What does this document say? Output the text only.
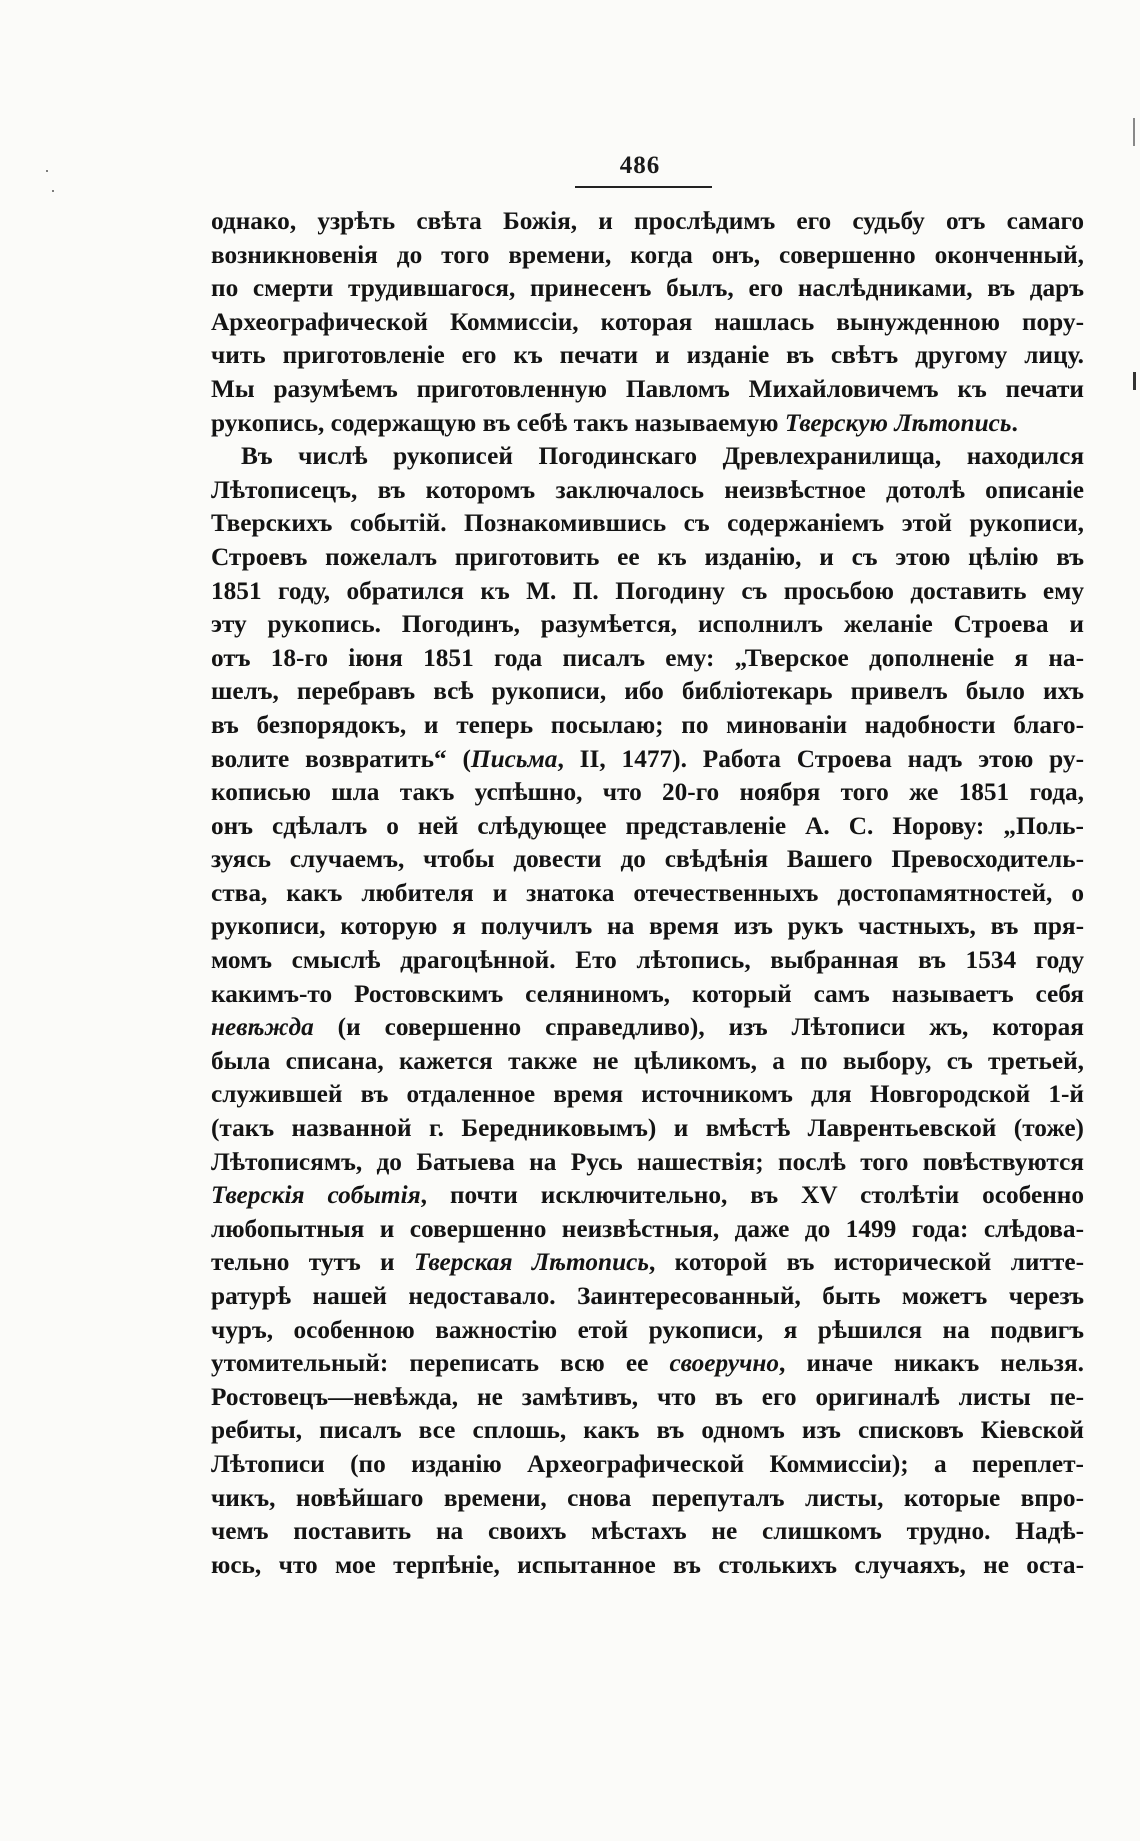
486
однако, узрѣть свѣта Божія, и прослѣдимъ его судьбу отъ самаго
возникновенія до того времени, когда онъ, совершенно оконченный,
по смерти трудившагося, принесенъ былъ, его наслѣдниками, въ даръ
Археографической Коммиссіи, которая нашлась вынужденною пору-
чить приготовленіе его къ печати и изданіе въ свѣтъ другому лицу.
Мы разумѣемъ приготовленную Павломъ Михайловичемъ къ печати
рукопись, содержащую въ себѣ такъ называемую Тверскую Лѣтопись.
Въ числѣ рукописей Погодинскаго Древлехранилища, находился
Лѣтописецъ, въ которомъ заключалось неизвѣстное дотолѣ описаніе
Тверскихъ событій. Познакомившись съ содержаніемъ этой рукописи,
Строевъ пожелалъ приготовить ее къ изданію, и съ этою цѣлію въ
1851 году, обратился къ М. П. Погодину съ просьбою доставить ему
эту рукопись. Погодинъ, разумѣется, исполнилъ желаніе Строева и
отъ 18-го іюня 1851 года писалъ ему: „Тверское дополненіе я на-
шелъ, перебравъ всѣ рукописи, ибо библіотекарь привелъ было ихъ
въ безпорядокъ, и теперь посылаю; по минованіи надобности благо-
волите возвратить“ (Письма, II, 1477). Работа Строева надъ этою ру-
кописью шла такъ успѣшно, что 20-го ноября того же 1851 года,
онъ сдѣлалъ о ней слѣдующее представленіе А. С. Норову: „Поль-
зуясь случаемъ, чтобы довести до свѣдѣнія Вашего Превосходитель-
ства, какъ любителя и знатока отечественныхъ достопамятностей, о
рукописи, которую я получилъ на время изъ рукъ частныхъ, въ пря-
момъ смыслѣ драгоцѣнной. Ето лѣтопись, выбранная въ 1534 году
какимъ-то Ростовскимъ селяниномъ, который самъ называетъ себя
невѣжда (и совершенно справедливо), изъ Лѣтописи жъ, которая
была списана, кажется также не цѣликомъ, а по выбору, съ третьей,
служившей въ отдаленное время источникомъ для Новгородской 1-й
(такъ названной г. Бередниковымъ) и вмѣстѣ Лаврентьевской (тоже)
Лѣтописямъ, до Батыева на Русь нашествія; послѣ того повѣствуются
Тверскія событія, почти исключительно, въ XV столѣтіи особенно
любопытныя и совершенно неизвѣстныя, даже до 1499 года: слѣдова-
тельно тутъ и Тверская Лѣтопись, которой въ исторической литте-
ратурѣ нашей недоставало. Заинтересованный, быть можетъ черезъ
чуръ, особенною важностію етой рукописи, я рѣшился на подвигъ
утомительный: переписать всю ее своеручно, иначе никакъ нельзя.
Ростовецъ—невѣжда, не замѣтивъ, что въ его оригиналѣ листы пе-
ребиты, писалъ все сплошь, какъ въ одномъ изъ списковъ Кіевской
Лѣтописи (по изданію Археографической Коммиссіи); а переплет-
чикъ, новѣйшаго времени, снова перепуталъ листы, которые впро-
чемъ поставить на своихъ мѣстахъ не слишкомъ трудно. Надѣ-
юсь, что мое терпѣніе, испытанное въ столькихъ случаяхъ, не оста-
